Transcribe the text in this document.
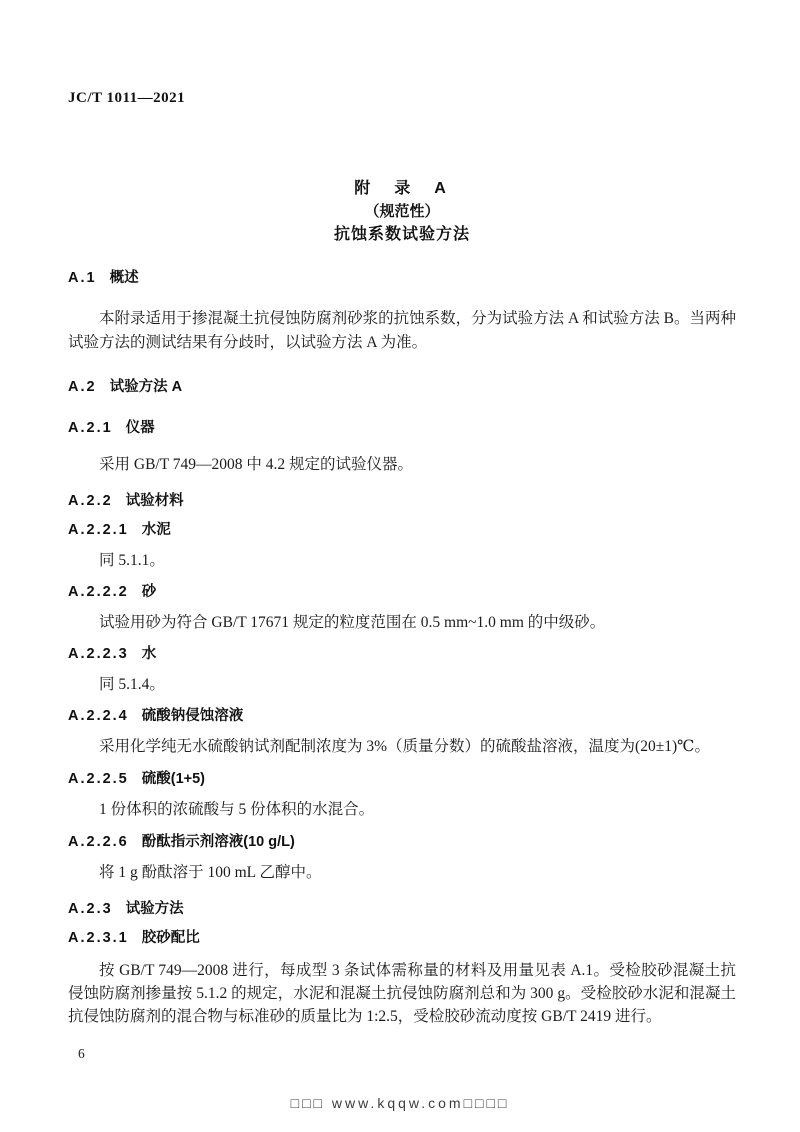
JC/T 1011—2021
附　录　A
（规范性）
抗蚀系数试验方法
A.1 概述

本附录适用于掺混凝土抗侵蚀防腐剂砂浆的抗蚀系数，分为试验方法 A 和试验方法 B。当两种试验方法的测试结果有分歧时，以试验方法 A 为准。

A.2 试验方法 A
A.2.1 仪器

采用 GB/T 749—2008 中 4.2 规定的试验仪器。

A.2.2 试验材料
A.2.2.1 水泥

同 5.1.1。

A.2.2.2 砂

试验用砂为符合 GB/T 17671 规定的粒度范围在 0.5 mm~1.0 mm 的中级砂。

A.2.2.3 水

同 5.1.4。

A.2.2.4 硫酸钠侵蚀溶液

采用化学纯无水硫酸钠试剂配制浓度为 3%（质量分数）的硫酸盐溶液，温度为(20±1)℃。

A.2.2.5 硫酸(1+5)

1 份体积的浓硫酸与 5 份体积的水混合。

A.2.2.6 酚酞指示剂溶液(10 g/L)

将 1 g 酚酞溶于 100 mL 乙醇中。

A.2.3 试验方法
A.2.3.1 胶砂配比

按 GB/T 749—2008 进行，每成型 3 条试体需称量的材料及用量见表 A.1。受检胶砂混凝土抗侵蚀防腐剂掺量按 5.1.2 的规定，水泥和混凝土抗侵蚀防腐剂总和为 300 g。受检胶砂水泥和混凝土抗侵蚀防腐剂的混合物与标准砂的质量比为 1:2.5，受检胶砂流动度按 GB/T 2419 进行。

6
□□□ www.kqqw.com□□□□
